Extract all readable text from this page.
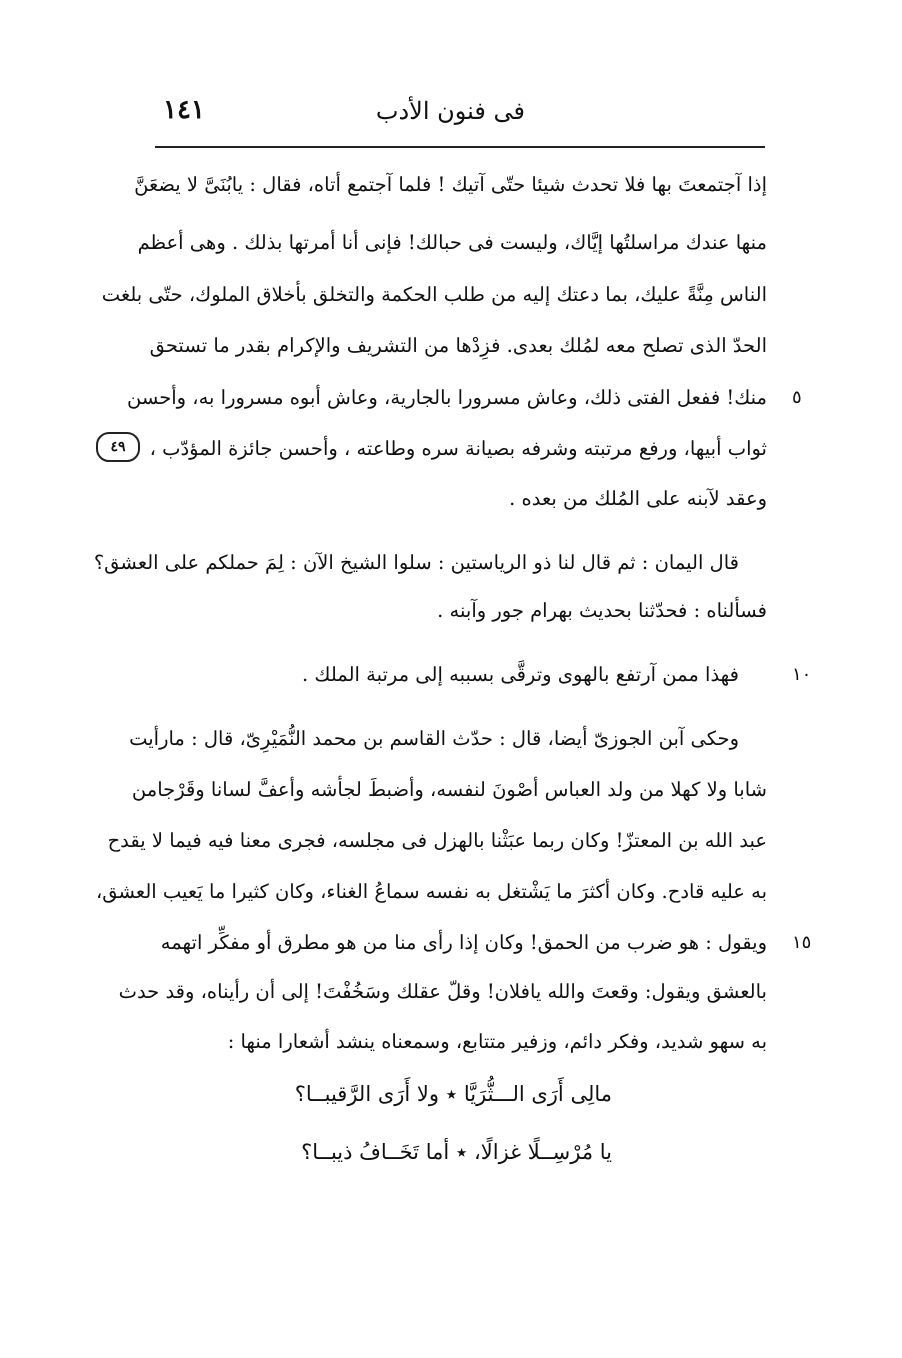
فى فنون الأدب
١٤١
إذا آجتمعتَ بها فلا تحدث شيئا حتّى آتيك ! فلما آجتمع أتاه، فقال : يابُنَىَّ لا يضعَنَّ
منها عندك مراسلتُها إيَّاك، وليست فى حبالك! فإنى أنا أمرتها بذلك . وهى أعظم
الناس مِنَّةً عليك، بما دعتك إليه من طلب الحكمة والتخلق بأخلاق الملوك، حتّى بلغت
الحدّ الذى تصلح معه لمُلك بعدى. فزِدْها من التشريف والإكرام بقدر ما تستحق
منك! ففعل الفتى ذلك، وعاش مسرورا بالجارية، وعاش أبوه مسرورا به، وأحسن
ثواب أبيها، ورفع مرتبته وشرفه بصيانة سره وطاعته ، وأحسن جائزة المؤدّب ،
وعقد لآبنه على المُلك من بعده .
٥
٤٩
قال اليمان : ثم قال لنا ذو الرياستين : سلوا الشيخ الآن : لِمَ حملكم على العشق؟
فسألناه : فحدّثنا بحديث بهرام جور وآبنه .
فهذا ممن آرتفع بالهوى وترقَّى بسببه إلى مرتبة الملك .	١٠
وحكى آبن الجوزىّ أيضا، قال : حدّث القاسم بن محمد النُّمَيْرِىّ، قال : مارأيت
شابا ولا كهلا من ولد العباس أصْونَ لنفسه، وأضبطَ لجأشه وأعفَّ لسانا وقَرْجامن
عبد الله بن المعتزّ! وكان ربما عبَثْنا بالهزل فى مجلسه، فجرى معنا فيه فيما لا يقدح
به عليه قادح. وكان أكثرَ ما يَشْتغل به نفسه سماعُ الغناء، وكان كثيرا ما يَعيب العشق،
ويقول : هو ضرب من الحمق! وكان إذا رأى منا من هو مطرق أو مفكِّر اتهمه
بالعشق ويقول: وقعتَ والله يافلان! وقلّ عقلك وسَخُفْتَ! إلى أن رأيناه، وقد حدث
به سهو شديد، وفكر دائم، وزفير متتابع، وسمعناه ينشد أشعارا منها :
١٥
مالِى أَرَى الـــثُّرَيَّا ٭ ولا أَرَى الرَّقيبــا؟
يا مُرْسِــلًا غزالًا، ٭ أما تَخَــافُ ذيبــا؟
